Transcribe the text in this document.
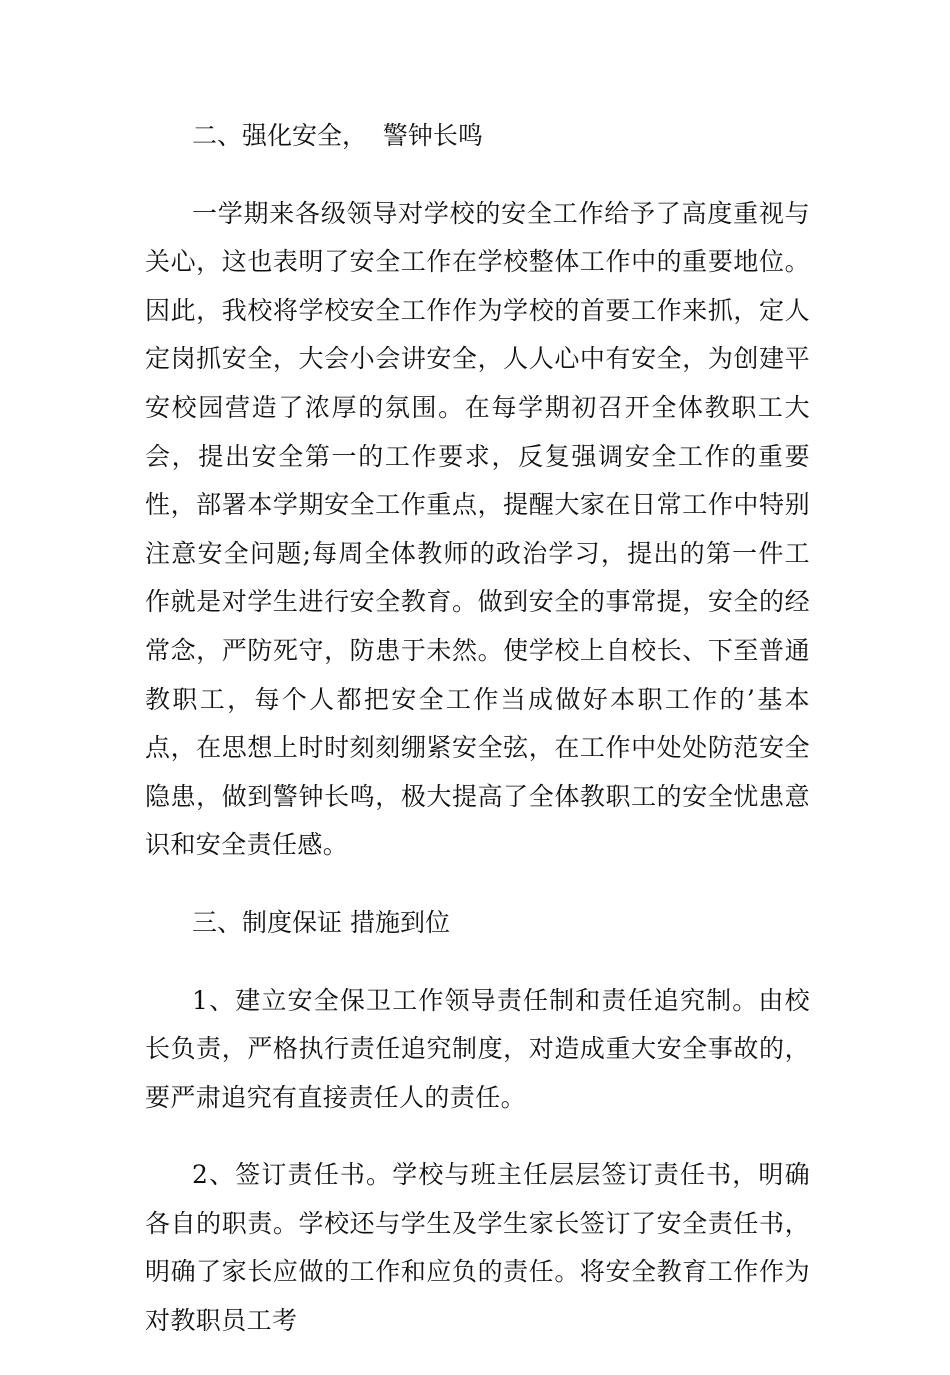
二、强化安全，  警钟长鸣

一学期来各级领导对学校的安全工作给予了高度重视与关心，这也表明了安全工作在学校整体工作中的重要地位。因此，我校将学校安全工作作为学校的首要工作来抓，定人定岗抓安全，大会小会讲安全，人人心中有安全，为创建平安校园营造了浓厚的氛围。在每学期初召开全体教职工大会，提出安全第一的工作要求，反复强调安全工作的重要性，部署本学期安全工作重点，提醒大家在日常工作中特别注意安全问题;每周全体教师的政治学习，提出的第一件工作就是对学生进行安全教育。做到安全的事常提，安全的经常念，严防死守，防患于未然。使学校上自校长、下至普通教职工，每个人都把安全工作当成做好本职工作的’基本点，在思想上时时刻刻绷紧安全弦，在工作中处处防范安全隐患，做到警钟长鸣，极大提高了全体教职工的安全忧患意识和安全责任感。

三、制度保证 措施到位

1、建立安全保卫工作领导责任制和责任追究制。由校长负责，严格执行责任追究制度，对造成重大安全事故的，要严肃追究有直接责任人的责任。

2、签订责任书。学校与班主任层层签订责任书，明确各自的职责。学校还与学生及学生家长签订了安全责任书，明确了家长应做的工作和应负的责任。将安全教育工作作为对教职员工考
